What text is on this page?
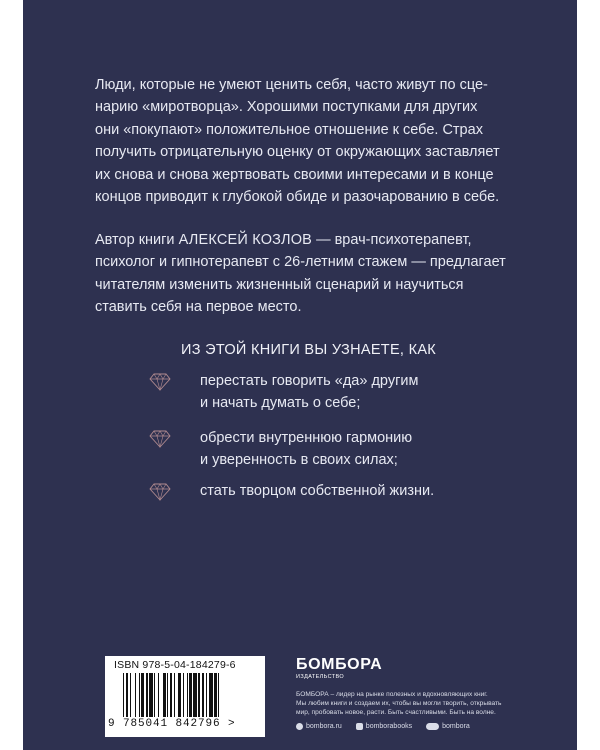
Люди, которые не умеют ценить себя, часто живут по сце-
нарию «миротворца». Хорошими поступками для других
они «покупают» положительное отношение к себе. Страх
получить отрицательную оценку от окружающих заставляет
их снова и снова жертвовать своими интересами и в конце
концов приводит к глубокой обиде и разочарованию в себе.
Автор книги АЛЕКСЕЙ КОЗЛОВ — врач-психотерапевт,
психолог и гипнотерапевт с 26-летним стажем — предлагает
читателям изменить жизненный сценарий и научиться
ставить себя на первое место.
ИЗ ЭТОЙ КНИГИ ВЫ УЗНАЕТЕ, КАК
перестать говорить «да» другим
и начать думать о себе;
обрести внутреннюю гармонию
и уверенность в своих силах;
стать творцом собственной жизни.
ISBN 978-5-04-184279-6
9 785041 842796 >
БОМБОРА
ИЗДАТЕЛЬСТВО
БОМБОРА – лидер на рынке полезных и вдохновляющих книг.
Мы любим книги и создаем их, чтобы вы могли творить, открывать
мир, пробовать новое, расти. Быть счастливыми. Быть на волне.
bombora.ru	bomborabooks	bombora
